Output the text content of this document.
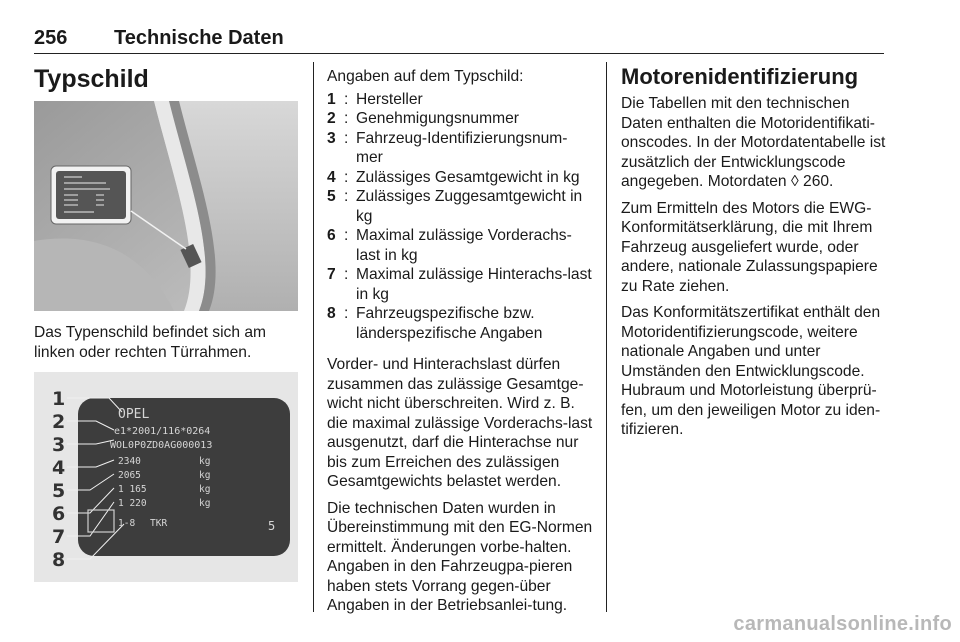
256 Technische Daten
Typschild

Das Typenschild befindet sich am linken oder rechten Türrahmen.

1
2
3
4
5
6
7
8
OPEL
e1*2001/116*0264
WOL0P0ZD0AG000013
2340	kg
2065	kg
1 165	kg
1 220	kg
1-8 TKR	5

Angaben auf dem Typschild:

1 : Hersteller
2 : Genehmigungsnummer
3 : Fahrzeug-Identifizierungsnum-mer
4 : Zulässiges Gesamtgewicht in kg
5 : Zulässiges Zuggesamtgewicht in kg
6 : Maximal zulässige Vorderachs-last in kg
7 : Maximal zulässige Hinterachs-last in kg
8 : Fahrzeugspezifische bzw. länderspezifische Angaben

Vorder- und Hinterachslast dürfen zusammen das zulässige Gesamtge-wicht nicht überschreiten. Wird z. B. die maximal zulässige Vorderachs-last ausgenutzt, darf die Hinterachse nur bis zum Erreichen des zulässigen Gesamtgewichts belastet werden.

Die technischen Daten wurden in Übereinstimmung mit den EG-Normen ermittelt. Änderungen vorbe-halten. Angaben in den Fahrzeugpa-pieren haben stets Vorrang gegen-über Angaben in der Betriebsanlei-tung.

Motorenidentifizierung

Die Tabellen mit den technischen Daten enthalten die Motoridentifikati-onscodes. In der Motordatentabelle ist zusätzlich der Entwicklungscode angegeben. Motordaten ◊ 260.

Zum Ermitteln des Motors die EWG-Konformitätserklärung, die mit Ihrem Fahrzeug ausgeliefert wurde, oder andere, nationale Zulassungspapiere zu Rate ziehen.

Das Konformitätszertifikat enthält den Motoridentifizierungscode, weitere nationale Angaben und unter Umständen den Entwicklungscode. Hubraum und Motorleistung überprü-fen, um den jeweiligen Motor zu iden-tifizieren.

carmanualsonline.info
